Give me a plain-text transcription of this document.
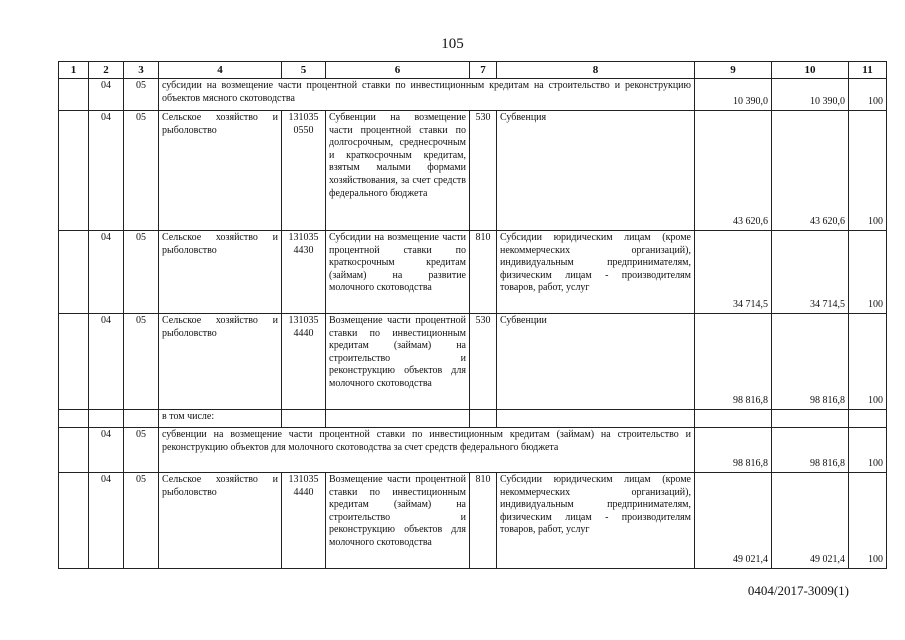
105
1	2	3	4	5	6	7	8	9	10	11
	04	05	субсидии на возмещение части процентной ставки по инвестиционным кредитам на строительство и реконструкцию объектов мясного скотоводства					10 390,0	10 390,0	100
	04	05	Сельское хозяйство и рыболовство	131035 0550	Субвенции на возмещение части процентной ставки по долгосрочным, среднесрочным и краткосрочным кредитам, взятым малыми формами хозяйствования, за счет средств федерального бюджета	530	Субвенция	43 620,6	43 620,6	100
	04	05	Сельское хозяйство и рыболовство	131035 4430	Субсидии на возмещение части процентной ставки по краткосрочным кредитам (займам) на развитие молочного скотоводства	810	Субсидии юридическим лицам (кроме некоммерческих организаций), индивидуальным предпринимателям, физическим лицам - производителям товаров, работ, услуг	34 714,5	34 714,5	100
	04	05	Сельское хозяйство и рыболовство	131035 4440	Возмещение части процентной ставки по инвестиционным кредитам (займам) на строительство и реконструкцию объектов для молочного скотоводства	530	Субвенции	98 816,8	98 816,8	100
			в том числе:							
	04	05	субвенции на возмещение части процентной ставки по инвестиционным кредитам (займам) на строительство и реконструкцию объектов для молочного скотоводства за счет средств федерального бюджета					98 816,8	98 816,8	100
	04	05	Сельское хозяйство и рыболовство	131035 4440	Возмещение части процентной ставки по инвестиционным кредитам (займам) на строительство и реконструкцию объектов для молочного скотоводства	810	Субсидии юридическим лицам (кроме некоммерческих организаций), индивидуальным предпринимателям, физическим лицам - производителям товаров, работ, услуг	49 021,4	49 021,4	100
0404/2017-3009(1)
